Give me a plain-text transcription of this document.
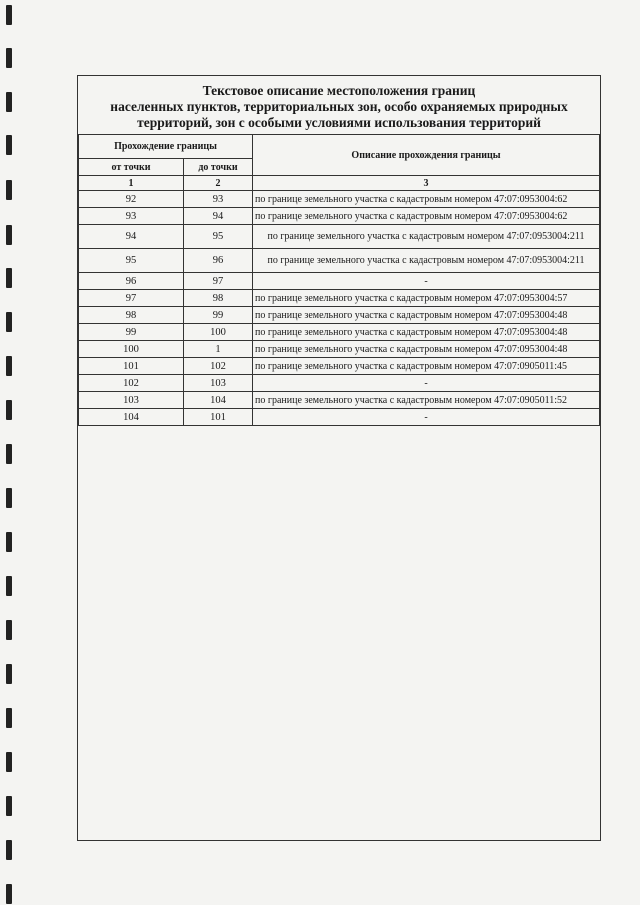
Текстовое описание местоположения границ
населенных пунктов, территориальных зон, особо охраняемых природных
территорий, зон с особыми условиями использования территорий
Прохождение границы		Описание прохождения границы
от точки	до точки	
1	2	3
92	93	по границе земельного участка с кадастровым номером 47:07:0953004:62
93	94	по границе земельного участка с кадастровым номером 47:07:0953004:62
94	95	по границе земельного участка с кадастровым номером 47:07:0953004:211
95	96	по границе земельного участка с кадастровым номером 47:07:0953004:211
96	97	-
97	98	по границе земельного участка с кадастровым номером 47:07:0953004:57
98	99	по границе земельного участка с кадастровым номером 47:07:0953004:48
99	100	по границе земельного участка с кадастровым номером 47:07:0953004:48
100	1	по границе земельного участка с кадастровым номером 47:07:0953004:48
101	102	по границе земельного участка с кадастровым номером 47:07:0905011:45
102	103	-
103	104	по границе земельного участка с кадастровым номером 47:07:0905011:52
104	101	-
